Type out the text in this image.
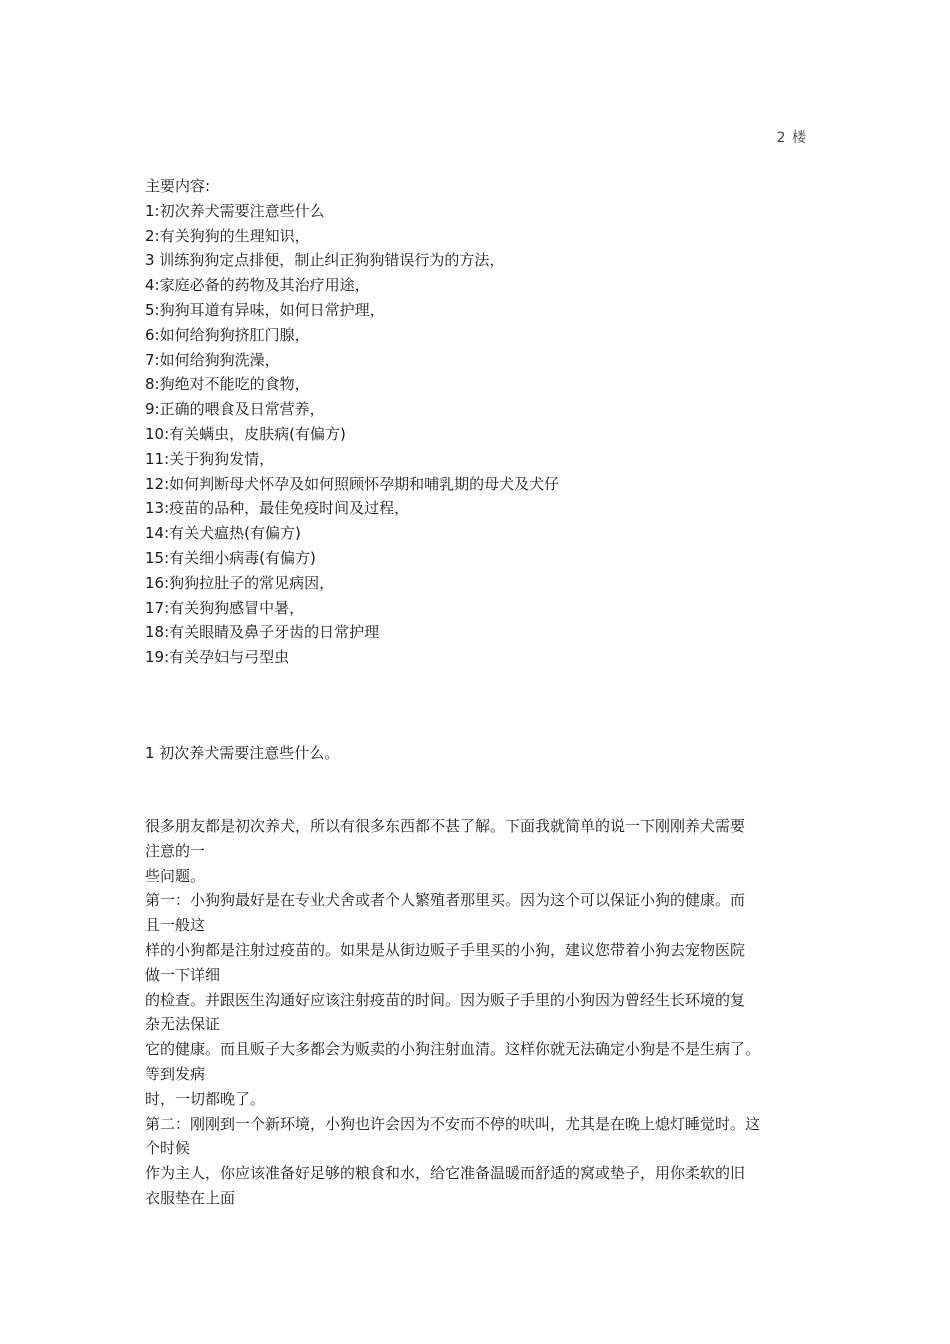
2 楼
主要内容:
1:初次养犬需要注意些什么
2:有关狗狗的生理知识，
3 训练狗狗定点排便，制止纠正狗狗错误行为的方法，
4:家庭必备的药物及其治疗用途，
5:狗狗耳道有异味，如何日常护理，
6:如何给狗狗挤肛门腺，
7:如何给狗狗洗澡，
8:狗绝对不能吃的食物，
9:正确的喂食及日常营养，
10:有关螨虫，皮肤病(有偏方)
11:关于狗狗发情，
12:如何判断母犬怀孕及如何照顾怀孕期和哺乳期的母犬及犬仔
13:疫苗的品种，最佳免疫时间及过程，
14:有关犬瘟热(有偏方)
15:有关细小病毒(有偏方)
16:狗狗拉肚子的常见病因，
17:有关狗狗感冒中暑，
18:有关眼睛及鼻子牙齿的日常护理
19:有关孕妇与弓型虫
1 初次养犬需要注意些什么。
很多朋友都是初次养犬，所以有很多东西都不甚了解。下面我就简单的说一下刚刚养犬需要
注意的一
些问题。
第一：小狗狗最好是在专业犬舍或者个人繁殖者那里买。因为这个可以保证小狗的健康。而
且一般这
样的小狗都是注射过疫苗的。如果是从街边贩子手里买的小狗，建议您带着小狗去宠物医院
做一下详细
的检查。并跟医生沟通好应该注射疫苗的时间。因为贩子手里的小狗因为曾经生长环境的复
杂无法保证
它的健康。而且贩子大多都会为贩卖的小狗注射血清。这样你就无法确定小狗是不是生病了。
等到发病
时，一切都晚了。
第二：刚刚到一个新环境，小狗也许会因为不安而不停的吠叫，尤其是在晚上熄灯睡觉时。这
个时候
作为主人，你应该准备好足够的粮食和水，给它准备温暖而舒适的窝或垫子，用你柔软的旧
衣服垫在上面
